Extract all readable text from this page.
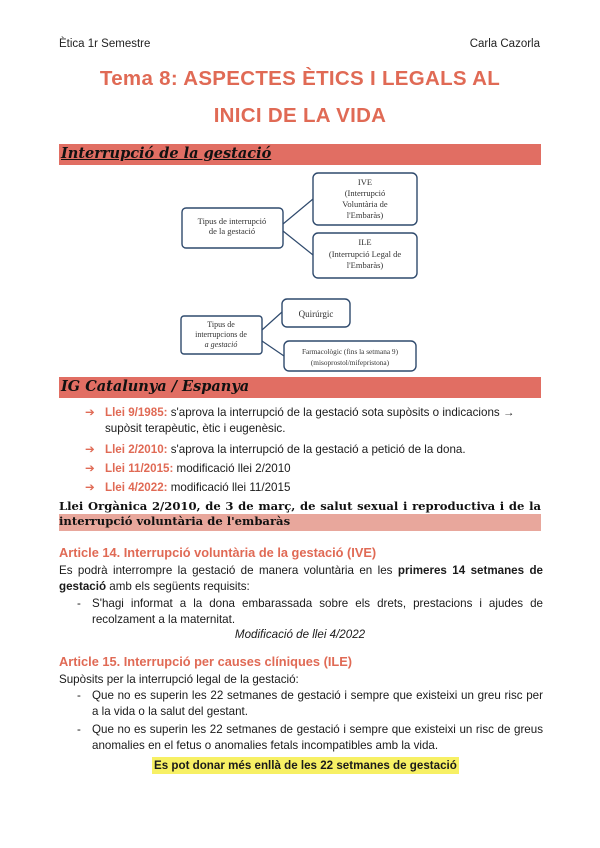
Ètica 1r Semestre	Carla Cazorla
Tema 8: ASPECTES ÈTICS I LEGALS AL
INICI DE LA VIDA
Interrupció de la gestació
Tipus de interrupció
de la gestació
IVE
(Interrupció
Voluntària de
l'Embaràs)
ILE
(Interrupció Legal de
l'Embaràs)
Tipus de
interrupcions de
a gestació
Quirúrgic
Farmacològic (fins la setmana 9)
(misoprostol/mifepristona)
IG Catalunya / Espanya
➔ Llei 9/1985: s'aprova la interrupció de la gestació sota supòsits o indicacions → supòsit terapèutic, ètic i eugenèsic.
➔ Llei 2/2010: s'aprova la interrupció de la gestació a petició de la dona.
➔ Llei 11/2015: modificació llei 2/2010
➔ Llei 4/2022: modificació llei 11/2015
Llei Orgànica 2/2010, de 3 de març, de salut sexual i reproductiva i de la interrupció voluntària de l'embaràs
Article 14. Interrupció voluntària de la gestació (IVE)
Es podrà interrompre la gestació de manera voluntària en les primeres 14 setmanes de gestació amb els següents requisits:
- S'hagi informat a la dona embarassada sobre els drets, prestacions i ajudes de recolzament a la maternitat.
Modificació de llei 4/2022
Article 15. Interrupció per causes clíniques (ILE)
Supòsits per la interrupció legal de la gestació:
- Que no es superin les 22 setmanes de gestació i sempre que existeixi un greu risc per a la vida o la salut del gestant.
- Que no es superin les 22 setmanes de gestació i sempre que existeixi un risc de greus anomalies en el fetus o anomalies fetals incompatibles amb la vida.
Es pot donar més enllà de les 22 setmanes de gestació
